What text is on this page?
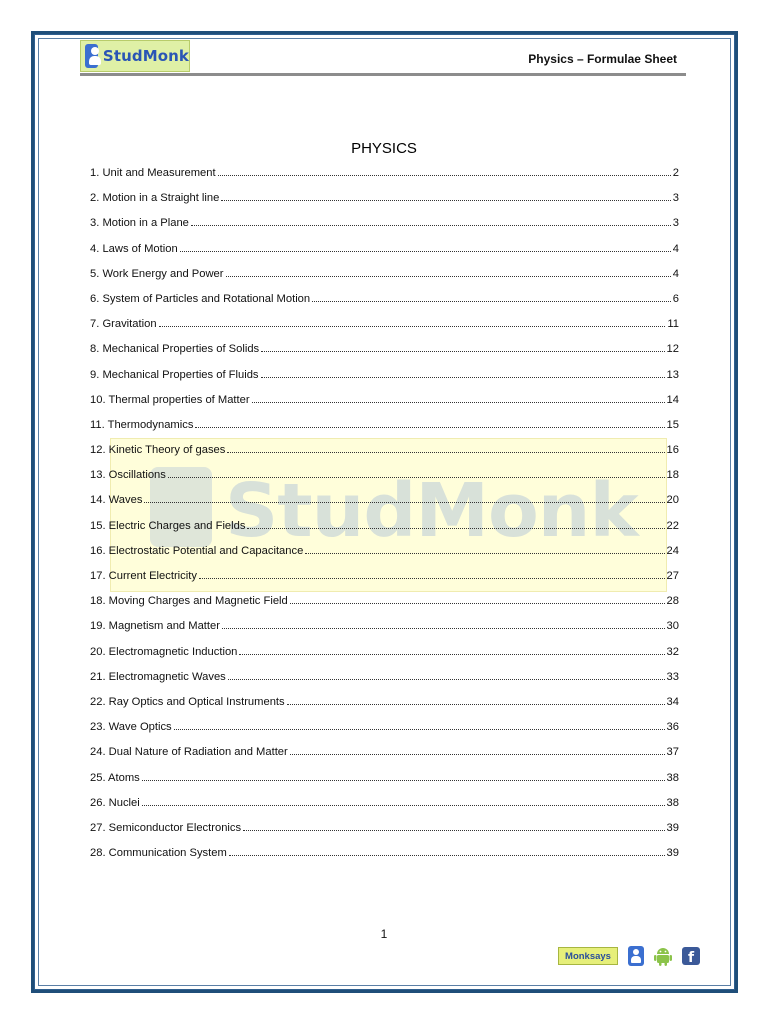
StudMonk	Physics – Formulae Sheet
StudMonk
PHYSICS
1. Unit and Measurement	2
2. Motion in a Straight line	3
3. Motion in a Plane	3
4. Laws of Motion	4
5. Work Energy and Power	4
6. System of Particles and Rotational Motion	6
7. Gravitation	11
8. Mechanical Properties of Solids	12
9. Mechanical Properties of Fluids	13
10. Thermal properties of Matter	14
11. Thermodynamics	15
12. Kinetic Theory of gases	16
13. Oscillations	18
14. Waves	20
15. Electric Charges and Fields	22
16. Electrostatic Potential and Capacitance	24
17. Current Electricity	27
18. Moving Charges and Magnetic Field	28
19. Magnetism and Matter	30
20. Electromagnetic Induction	32
21. Electromagnetic Waves	33
22. Ray Optics and Optical Instruments	34
23. Wave Optics	36
24. Dual Nature of Radiation and Matter	37
25. Atoms	38
26. Nuclei	38
27. Semiconductor Electronics	39
28. Communication System	39
1
Monksays	f
